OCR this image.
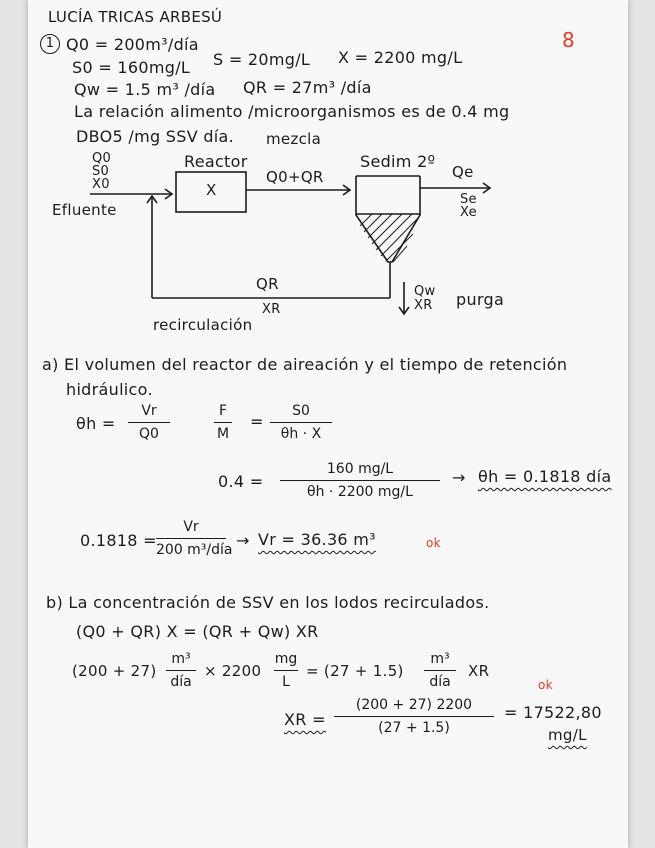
LUCÍA TRICAS ARBESÚ
8
1 Q0 = 200m³/día
S0 = 160mg/L S = 20mg/L X = 2200 mg/L
Qw = 1.5 m³ /día QR = 27m³ /día
La relación alimento /microorganismos es de 0.4 mg
DBO5 /mg SSV día.
Q0
S0
X0
Efluente
Reactor
X
mezcla
Q0+QR
Sedim 2º
Qe
Se
Xe
QR
XR
recirculación
Qw
XR purga
a) El volumen del reactor de aireación y el tiempo de retención
hidráulico.
θh =
Vr
Q0
F
M
=
S0
θh · X
0.4 =
160 mg/L
θh · 2200 mg/L
→ θh = 0.1818 día
0.1818 =
Vr
200 m³/día → Vr = 36.36 m³	ok
b) La concentración de SSV en los lodos recirculados.
(Q0 + QR) X = (QR + Qw) XR
(200 + 27)
m³
día
× 2200
mg
L
= (27 + 1.5)
m³
día
XR
ok
XR =
(200 + 27) 2200
(27 + 1.5)
= 17522,80
mg/L
